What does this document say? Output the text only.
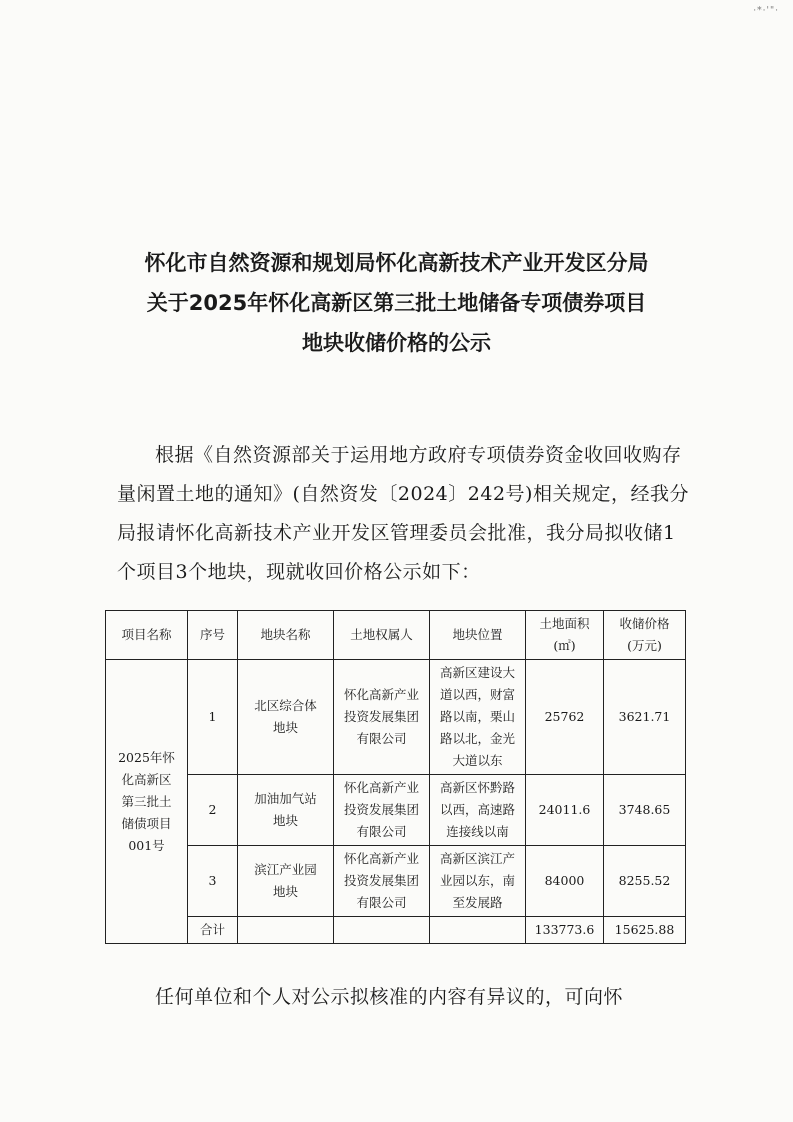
·*·'"·
怀化市自然资源和规划局怀化高新技术产业开发区分局
关于2025年怀化高新区第三批土地储备专项债券项目
地块收储价格的公示

根据《自然资源部关于运用地方政府专项债券资金收回收购存量闲置土地的通知》(自然资发〔2024〕242号)相关规定，经我分局报请怀化高新技术产业开发区管理委员会批准，我分局拟收储1个项目3个地块，现就收回价格公示如下：

项目名称	序号	地块名称	土地权属人	地块位置	土地面积
(㎡)	收储价格
(万元)
2025年怀
化高新区
第三批土
储债项目
001号	1	北区综合体
地块	怀化高新产业
投资发展集团
有限公司	高新区建设大
道以西，财富
路以南，栗山
路以北，金光
大道以东	25762	3621.71
	2	加油加气站
地块	怀化高新产业
投资发展集团
有限公司	高新区怀黔路
以西，高速路
连接线以南	24011.6	3748.65
	3	滨江产业园
地块	怀化高新产业
投资发展集团
有限公司	高新区滨江产
业园以东，南
至发展路	84000	8255.52
	合计				133773.6	15625.88

任何单位和个人对公示拟核准的内容有异议的，可向怀
